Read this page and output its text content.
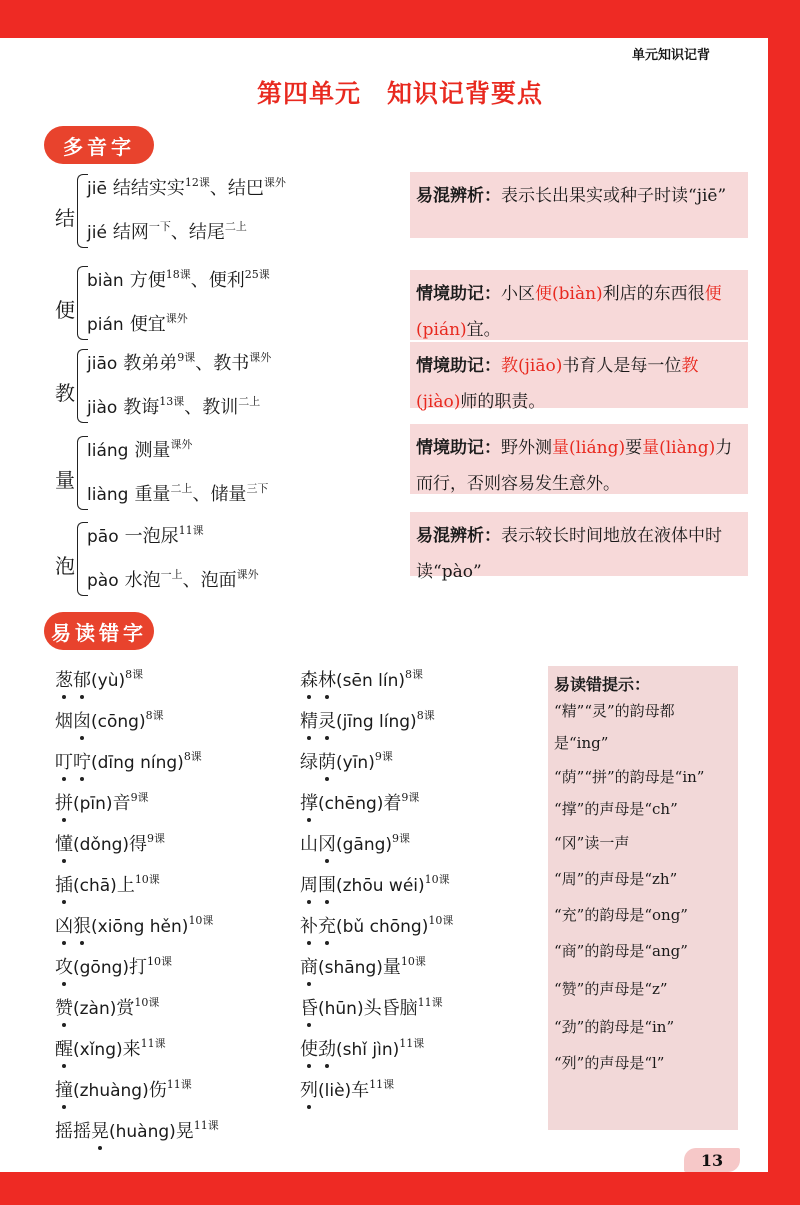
单元知识记背
第四单元　知识记背要点
多音字
结
jiē 结结实实$^{12课}$、结巴$^{课外}$
jié 结网$^{一下}$、结尾$^{二上}$
便
biàn 方便$^{18课}$、便利$^{25课}$
pián 便宜$^{课外}$
教
jiāo 教弟弟$^{9课}$、教书$^{课外}$
jiào 教诲$^{13课}$、教训$^{二上}$
量
liáng 测量$^{课外}$
liàng 重量$^{二上}$、储量$^{三下}$
泡
pāo 一泡尿$^{11课}$
pào 水泡$^{一上}$、泡面$^{课外}$
易混辨析：表示长出果实或种子时读“jiē”
情境助记：小区便(biàn)利店的东西很便(pián)宜。
情境助记：教(jiāo)书育人是每一位教(jiào)师的职责。
情境助记：野外测量(liáng)要量(liàng)力而行，否则容易发生意外。
易混辨析：表示较长时间地放在液体中时读“pào”
易读错字
葱郁(yù)$^{8课}$
烟囱(cōng)$^{8课}$
叮咛(dīng níng)$^{8课}$
拼(pīn)音$^{9课}$
懂(dǒng)得$^{9课}$
插(chā)上$^{10课}$
凶狠(xiōng hěn)$^{10课}$
攻(gōng)打$^{10课}$
赞(zàn)赏$^{10课}$
醒(xǐng)来$^{11课}$
撞(zhuàng)伤$^{11课}$
摇摇晃(huàng)晃$^{11课}$
森林(sēn lín)$^{8课}$
精灵(jīng líng)$^{8课}$
绿荫(yīn)$^{9课}$
撑(chēng)着$^{9课}$
山冈(gāng)$^{9课}$
周围(zhōu wéi)$^{10课}$
补充(bǔ chōng)$^{10课}$
商(shāng)量$^{10课}$
昏(hūn)头昏脑$^{11课}$
使劲(shǐ jìn)$^{11课}$
列(liè)车$^{11课}$
易读错提示：
“精”“灵”的韵母都
是“ing”
“荫”“拼”的韵母是“in”
“撑”的声母是“ch”
“冈”读一声
“周”的声母是“zh”
“充”的韵母是“ong”
“商”的韵母是“ang”
“赞”的声母是“z”
“劲”的韵母是“in”
“列”的声母是“l”
13
